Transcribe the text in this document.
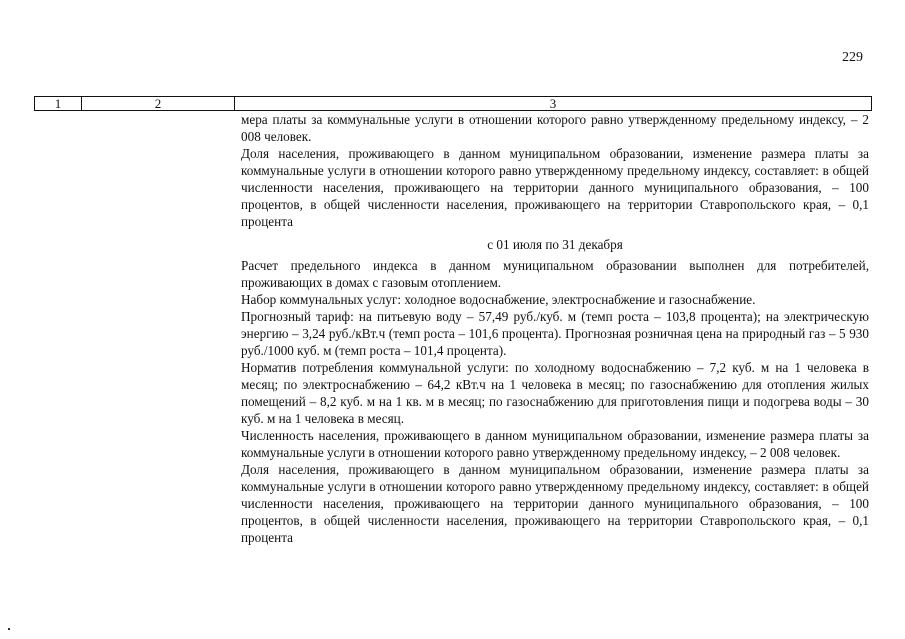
229
1	2	3

мера платы за коммунальные услуги в отношении которого равно утвержденному предельному индексу, – 2 008 человек.

Доля населения, проживающего в данном муниципальном образовании, изменение размера платы за коммунальные услуги в отношении которого равно утвержденному предельному индексу, составляет: в общей численности населения, проживающего на территории данного муниципального образования, – 100 процентов, в общей численности населения, проживающего на территории Ставропольского края, – 0,1 процента

с 01 июля по 31 декабря

Расчет предельного индекса в данном муниципальном образовании выполнен для потребителей, проживающих в домах с газовым отоплением.

Набор коммунальных услуг: холодное водоснабжение, электроснабжение и газоснабжение.

Прогнозный тариф: на питьевую воду – 57,49 руб./куб. м (темп роста – 103,8 процента); на электрическую энергию – 3,24 руб./кВт.ч (темп роста – 101,6 процента). Прогнозная розничная цена на природный газ – 5 930 руб./1000 куб. м (темп роста – 101,4 процента).

Норматив потребления коммунальной услуги: по холодному водоснабжению – 7,2 куб. м на 1 человека в месяц; по электроснабжению – 64,2 кВт.ч на 1 человека в месяц; по газоснабжению для отопления жилых помещений – 8,2 куб. м на 1 кв. м в месяц; по газоснабжению для приготовления пищи и подогрева воды – 30 куб. м на 1 человека в месяц.

Численность населения, проживающего в данном муниципальном образовании, изменение размера платы за коммунальные услуги в отношении которого равно утвержденному предельному индексу, – 2 008 человек.

Доля населения, проживающего в данном муниципальном образовании, изменение размера платы за коммунальные услуги в отношении которого равно утвержденному предельному индексу, составляет: в общей численности населения, проживающего на территории данного муниципального образования, – 100 процентов, в общей численности населения, проживающего на территории Ставропольского края, – 0,1 процента
